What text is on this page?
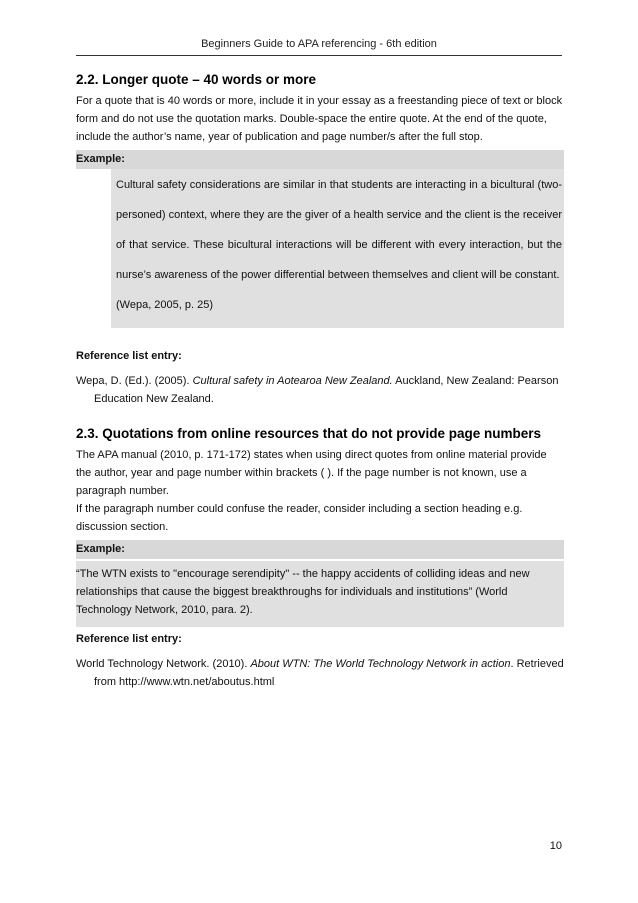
Beginners Guide to APA referencing - 6th edition
2.2. Longer quote – 40 words or more

For a quote that is 40 words or more, include it in your essay as a freestanding piece of text or block form and do not use the quotation marks. Double-space the entire quote. At the end of the quote, include the author’s name, year of publication and page number/s after the full stop.

Example:
Cultural safety considerations are similar in that students are interacting in a bicultural (two-personed) context, where they are the giver of a health service and the client is the receiver of that service. These bicultural interactions will be different with every interaction, but the nurse’s awareness of the power differential between themselves and client will be constant.
(Wepa, 2005, p. 25)

Reference list entry:

Wepa, D. (Ed.). (2005). Cultural safety in Aotearoa New Zealand. Auckland, New Zealand: Pearson Education New Zealand.

2.3. Quotations from online resources that do not provide page numbers

The APA manual (2010, p. 171-172) states when using direct quotes from online material provide the author, year and page number within brackets ( ). If the page number is not known, use a paragraph number.

If the paragraph number could confuse the reader, consider including a section heading e.g. discussion section.

Example:
“The WTN exists to "encourage serendipity" -- the happy accidents of colliding ideas and new relationships that cause the biggest breakthroughs for individuals and institutions” (World Technology Network, 2010, para. 2).

Reference list entry:

World Technology Network. (2010). About WTN: The World Technology Network in action. Retrieved from http://www.wtn.net/aboutus.html

10
